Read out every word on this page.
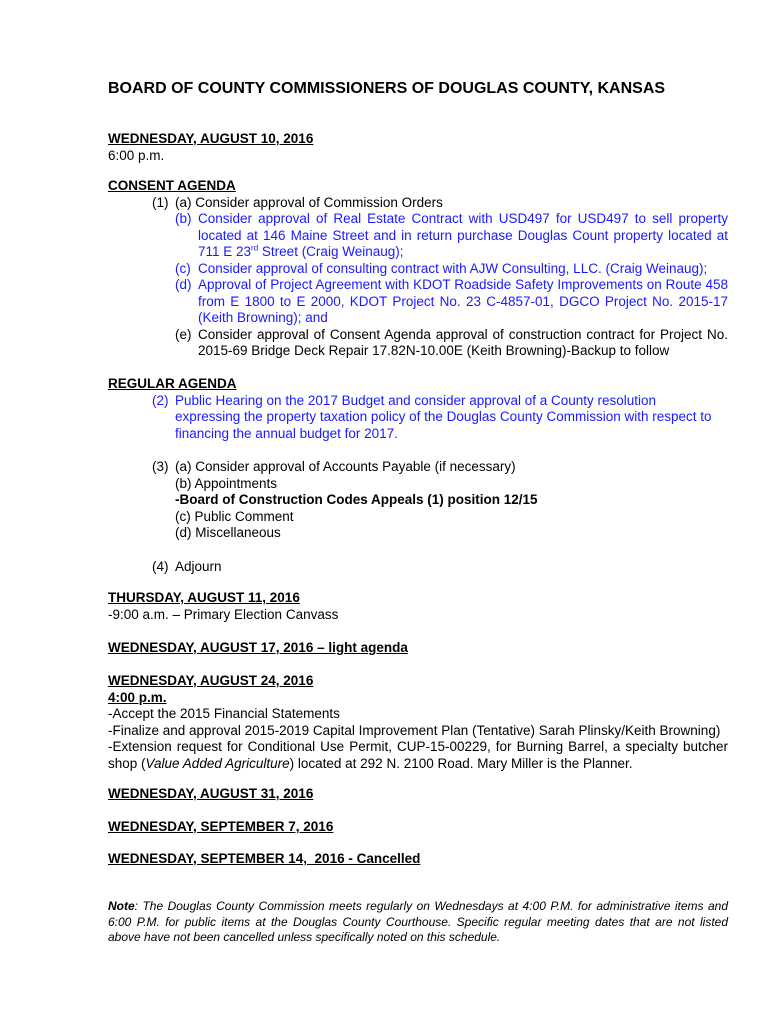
BOARD OF COUNTY COMMISSIONERS OF DOUGLAS COUNTY, KANSAS
WEDNESDAY, AUGUST 10, 2016
6:00 p.m.
CONSENT AGENDA
(1) (a) Consider approval of Commission Orders
(b) Consider approval of Real Estate Contract with USD497 for USD497 to sell property located at 146 Maine Street and in return purchase Douglas Count property located at 711 E 23rd Street (Craig Weinaug);
(c) Consider approval of consulting contract with AJW Consulting, LLC. (Craig Weinaug);
(d) Approval of Project Agreement with KDOT Roadside Safety Improvements on Route 458 from E 1800 to E 2000, KDOT Project No. 23 C-4857-01, DGCO Project No. 2015-17 (Keith Browning); and
(e) Consider approval of Consent Agenda approval of construction contract for Project No. 2015-69 Bridge Deck Repair 17.82N-10.00E (Keith Browning)-Backup to follow
REGULAR AGENDA
(2) Public Hearing on the 2017 Budget and consider approval of a County resolution expressing the property taxation policy of the Douglas County Commission with respect to financing the annual budget for 2017.
(3) (a) Consider approval of Accounts Payable (if necessary)
(b) Appointments
-Board of Construction Codes Appeals (1) position 12/15
(c) Public Comment
(d) Miscellaneous
(4) Adjourn
THURSDAY, AUGUST 11, 2016
-9:00 a.m. – Primary Election Canvass
WEDNESDAY, AUGUST 17, 2016 – light agenda
WEDNESDAY, AUGUST 24, 2016
4:00 p.m.
-Accept the 2015 Financial Statements
-Finalize and approval 2015-2019 Capital Improvement Plan (Tentative) Sarah Plinsky/Keith Browning)
-Extension request for Conditional Use Permit, CUP-15-00229, for Burning Barrel, a specialty butcher shop (Value Added Agriculture) located at 292 N. 2100 Road. Mary Miller is the Planner.
WEDNESDAY, AUGUST 31, 2016
WEDNESDAY, SEPTEMBER 7, 2016
WEDNESDAY, SEPTEMBER 14,  2016 - Cancelled
Note: The Douglas County Commission meets regularly on Wednesdays at 4:00 P.M. for administrative items and 6:00 P.M. for public items at the Douglas County Courthouse. Specific regular meeting dates that are not listed above have not been cancelled unless specifically noted on this schedule.
